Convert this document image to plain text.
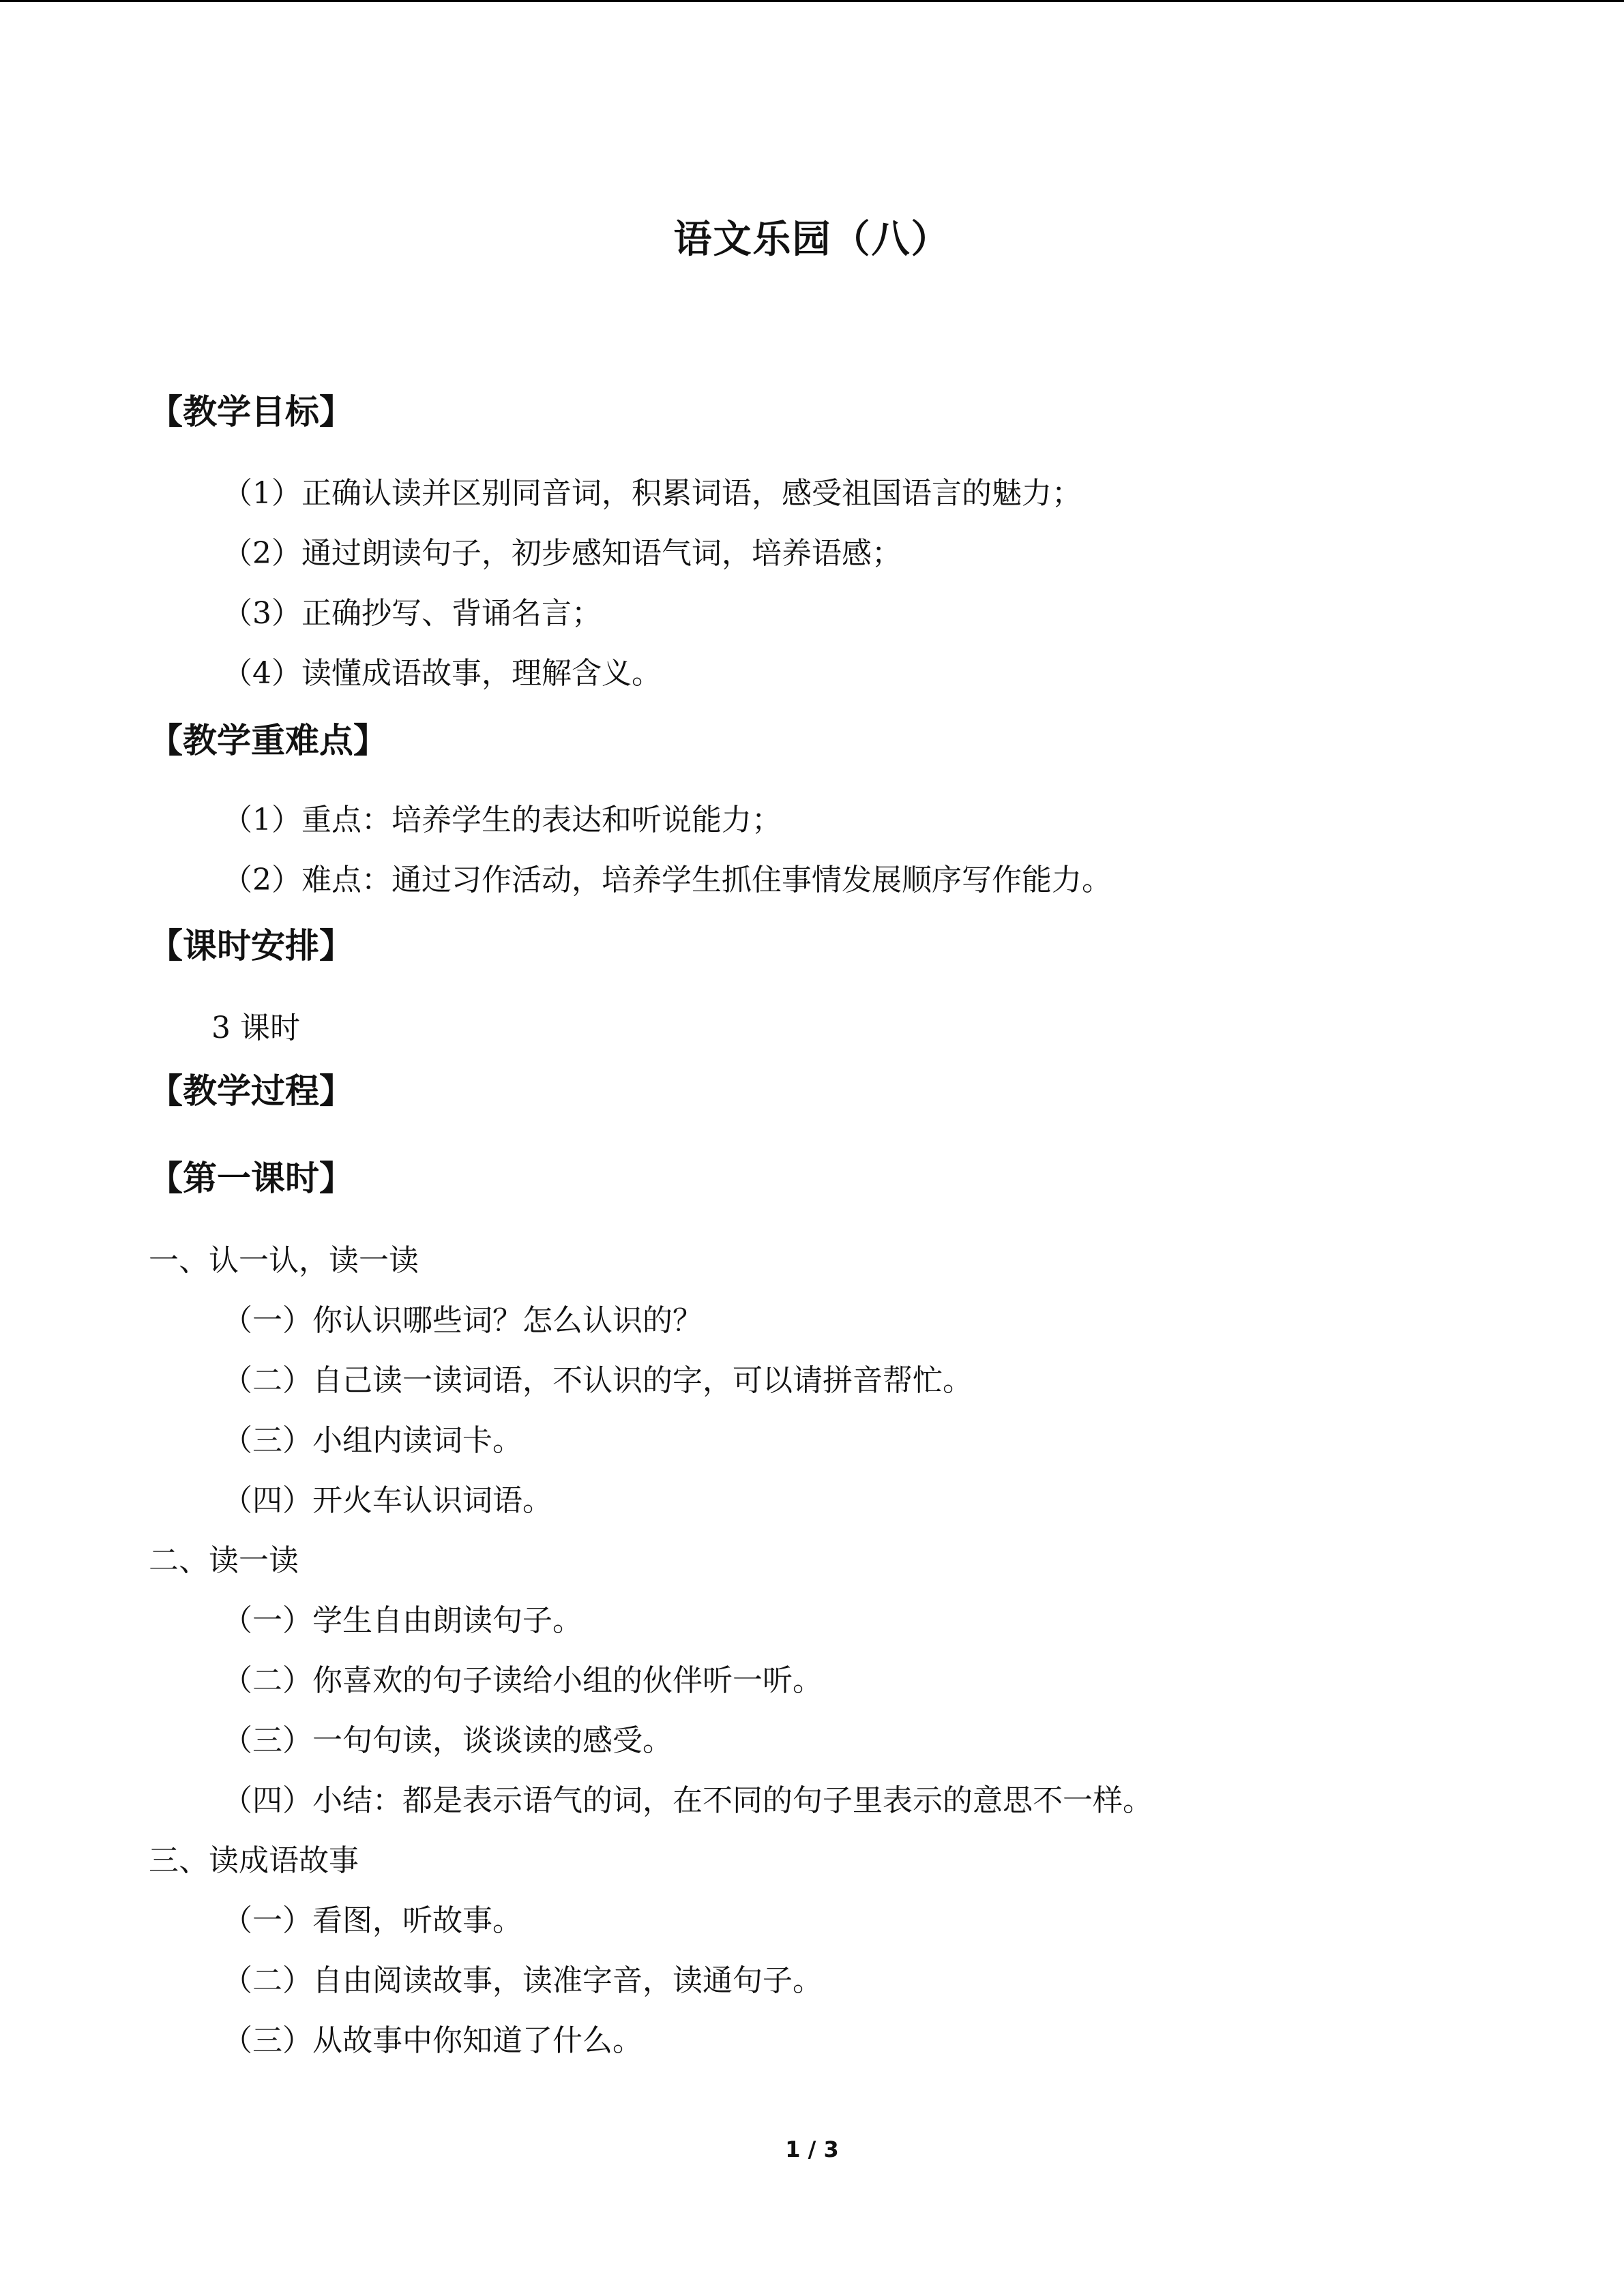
语文乐园（八）
【教学目标】
（1）正确认读并区别同音词，积累词语，感受祖国语言的魅力；
（2）通过朗读句子，初步感知语气词，培养语感；
（3）正确抄写、背诵名言；
（4）读懂成语故事，理解含义。
【教学重难点】
（1）重点：培养学生的表达和听说能力；
（2）难点：通过习作活动，培养学生抓住事情发展顺序写作能力。
【课时安排】
3 课时
【教学过程】
【第一课时】
一、认一认，读一读
（一）你认识哪些词？怎么认识的？
（二）自己读一读词语，不认识的字，可以请拼音帮忙。
（三）小组内读词卡。
（四）开火车认识词语。
二、读一读
（一）学生自由朗读句子。
（二）你喜欢的句子读给小组的伙伴听一听。
（三）一句句读，谈谈读的感受。
（四）小结：都是表示语气的词，在不同的句子里表示的意思不一样。
三、读成语故事
（一）看图，听故事。
（二）自由阅读故事，读准字音，读通句子。
（三）从故事中你知道了什么。
1 / 3
